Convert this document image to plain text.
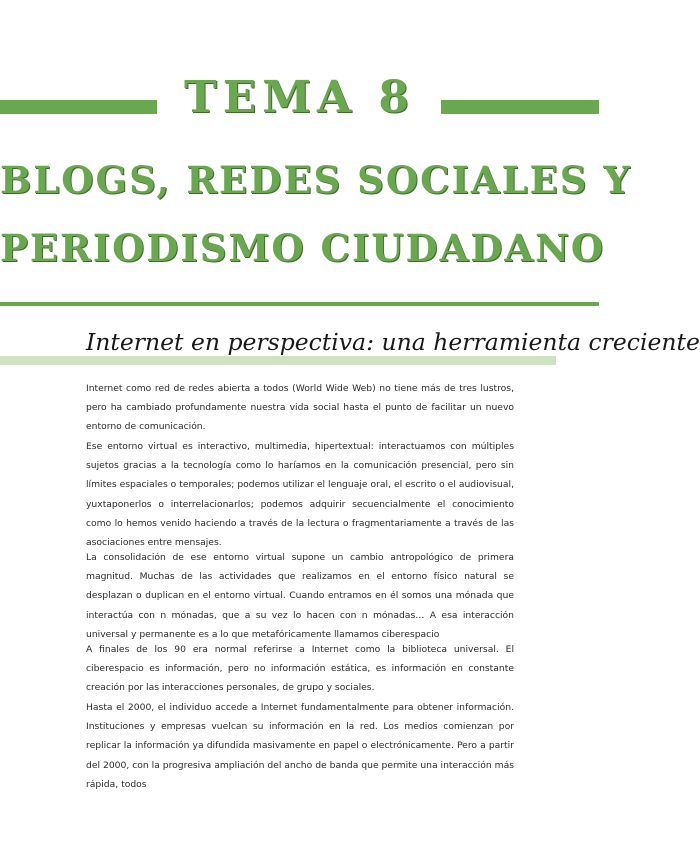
TEMA 8
BLOGS, REDES SOCIALES Y
PERIODISMO CIUDADANO
Internet en perspectiva: una herramienta creciente

Internet como red de redes abierta a todos (World Wide Web) no tiene más de tres lustros, pero ha cambiado profundamente nuestra vida social hasta el punto de facilitar un nuevo entorno de comunicación.

Ese entorno virtual es interactivo, multimedia, hipertextual: interactuamos con múltiples sujetos gracias a la tecnología como lo haríamos en la comunicación presencial, pero sin límites espaciales o temporales; podemos utilizar el lenguaje oral, el escrito o el audiovisual, yuxtaponerlos o interrelacionarlos; podemos adquirir secuencialmente el conocimiento como lo hemos venido haciendo a través de la lectura o fragmentariamente a través de las asociaciones entre mensajes.

La consolidación de ese entorno virtual supone un cambio antropológico de primera magnitud. Muchas de las actividades que realizamos en el entorno físico natural se desplazan o duplican en el entorno virtual. Cuando entramos en él somos una mónada que interactúa con n mónadas, que a su vez lo hacen con n mónadas… A esa interacción universal y permanente es a lo que metafóricamente llamamos ciberespacio

A finales de los 90 era normal referirse a Internet como la biblioteca universal. El ciberespacio es información, pero no información estática, es información en constante creación por las interacciones personales, de grupo y sociales.

Hasta el 2000, el individuo accede a Internet fundamentalmente para obtener información. Instituciones y empresas vuelcan su información en la red. Los medios comienzan por replicar la información ya difundida masivamente en papel o electrónicamente. Pero a partir del 2000, con la progresiva ampliación del ancho de banda que permite una interacción más rápida, todos
